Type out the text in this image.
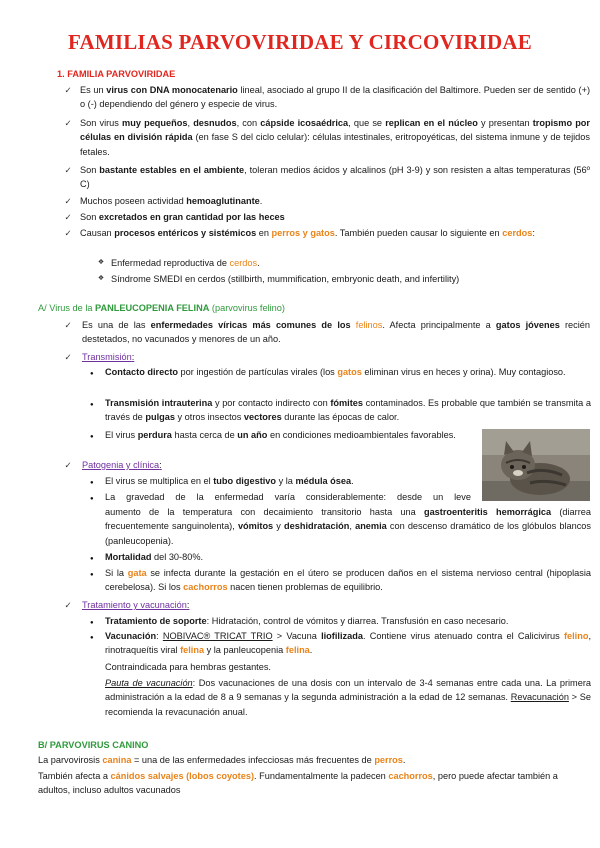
FAMILIAS PARVOVIRIDAE Y CIRCOVIRIDAE
1. FAMILIA PARVOVIRIDAE
✓
Es un virus con DNA monocatenario lineal, asociado al grupo II de la clasificación del Baltimore. Pueden ser de sentido (+) o (-) dependiendo del género y especie de virus.
✓
Son virus muy pequeños, desnudos, con cápside icosaédrica, que se replican en el núcleo y presentan tropismo por células en división rápida (en fase S del ciclo celular): células intestinales, eritropoyéticas, del sistema inmune y de tejidos fetales.
✓
Son bastante estables en el ambiente, toleran medios ácidos y alcalinos (pH 3-9) y son resisten a altas temperaturas (56º C)
✓
Muchos poseen actividad hemoaglutinante.
✓
Son excretados en gran cantidad por las heces
✓
Causan procesos entéricos y sistémicos en perros y gatos. También pueden causar lo siguiente en cerdos:
❖
Enfermedad reproductiva de cerdos.
❖
Síndrome SMEDI en cerdos (stillbirth, mummification, embryonic death, and infertility)
A/ Virus de la PANLEUCOPENIA FELINA (parvovirus felino)
✓
Es una de las enfermedades víricas más comunes de los felinos. Afecta principalmente a gatos jóvenes recién destetados, no vacunados y menores de un año.
✓
Transmisión:
●
Contacto directo por ingestión de partículas virales (los gatos eliminan virus en heces y orina). Muy contagioso.
●
Transmisión intrauterina y por contacto indirecto con fómites contaminados. Es probable que también se transmita a través de pulgas y otros insectos vectores durante las épocas de calor.
●
El virus perdura hasta cerca de un año en condiciones medioambientales favorables.
✓
Patogenia y clínica:
●
El virus se multiplica en el tubo digestivo y la médula ósea.
●
La gravedad de la enfermedad varía considerablemente: desde un leve
aumento de la temperatura con decaimiento transitorio hasta una gastroenteritis hemorrágica (diarrea frecuentemente sanguinolenta), vómitos y deshidratación, anemia con descenso dramático de los glóbulos blancos (panleucopenia).
●
Mortalidad del 30-80%.
●
Si la gata se infecta durante la gestación en el útero se producen daños en el sistema nervioso central (hipoplasia cerebelosa). Si los cachorros nacen tienen problemas de equilibrio.
✓
Tratamiento y vacunación:
●
Tratamiento de soporte: Hidratación, control de vómitos y diarrea. Transfusión en caso necesario.
●
Vacunación: NOBIVAC® TRICAT TRIO > Vacuna liofilizada. Contiene virus atenuado contra el Calicivirus felino, rinotraqueítis viral felina y la panleucopenia felina.
Contraindicada para hembras gestantes.
Pauta de vacunación: Dos vacunaciones de una dosis con un intervalo de 3-4 semanas entre cada una. La primera administración a la edad de 8 a 9 semanas y la segunda administración a la edad de 12 semanas. Revacunación > Se recomienda la revacunación anual.
B/ PARVOVIRUS CANINO
La parvovirosis canina = una de las enfermedades infecciosas más frecuentes de perros.
También afecta a cánidos salvajes (lobos coyotes). Fundamentalmente la padecen cachorros, pero puede afectar también a adultos, incluso adultos vacunados
